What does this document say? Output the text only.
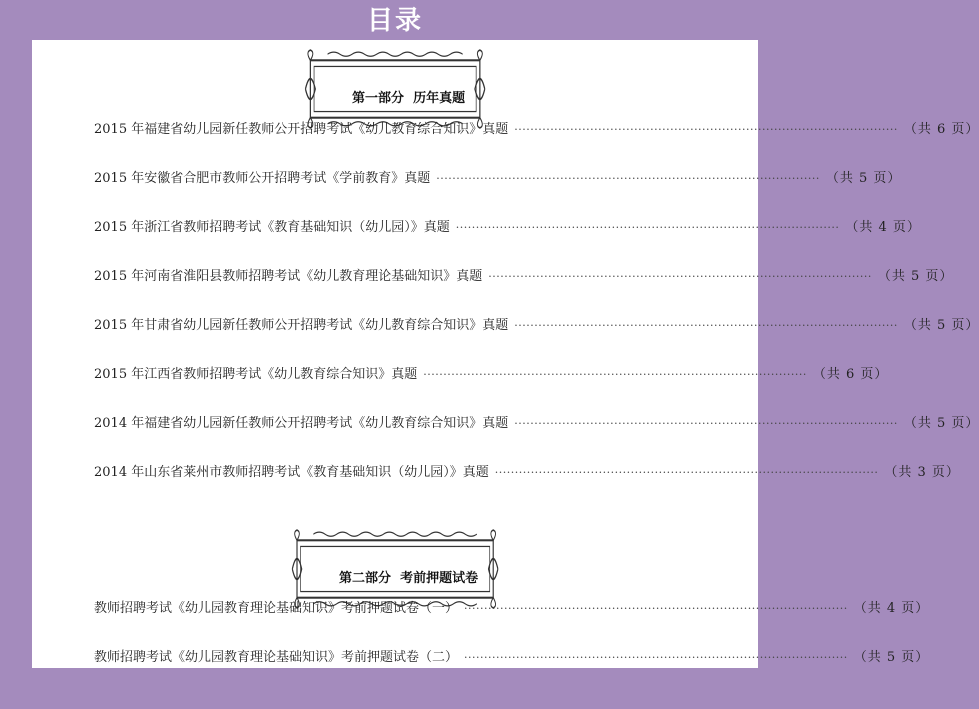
目录

第一部分  历年真题

2015 年福建省幼儿园新任教师公开招聘考试《幼儿教育综合知识》真题 ································································································ （共 6 页）
2015 年安徽省合肥市教师公开招聘考试《学前教育》真题 ································································································ （共 5 页）
2015 年浙江省教师招聘考试《教育基础知识（幼儿园）》真题 ································································································ （共 4 页）
2015 年河南省淮阳县教师招聘考试《幼儿教育理论基础知识》真题 ································································································ （共 5 页）
2015 年甘肃省幼儿园新任教师公开招聘考试《幼儿教育综合知识》真题 ································································································ （共 5 页）
2015 年江西省教师招聘考试《幼儿教育综合知识》真题 ································································································ （共 6 页）
2014 年福建省幼儿园新任教师公开招聘考试《幼儿教育综合知识》真题 ································································································ （共 5 页）
2014 年山东省莱州市教师招聘考试《教育基础知识（幼儿园）》真题 ································································································ （共 3 页）

第二部分  考前押题试卷

教师招聘考试《幼儿园教育理论基础知识》考前押题试卷（一） ································································································ （共 4 页）
教师招聘考试《幼儿园教育理论基础知识》考前押题试卷（二） ································································································ （共 5 页）
